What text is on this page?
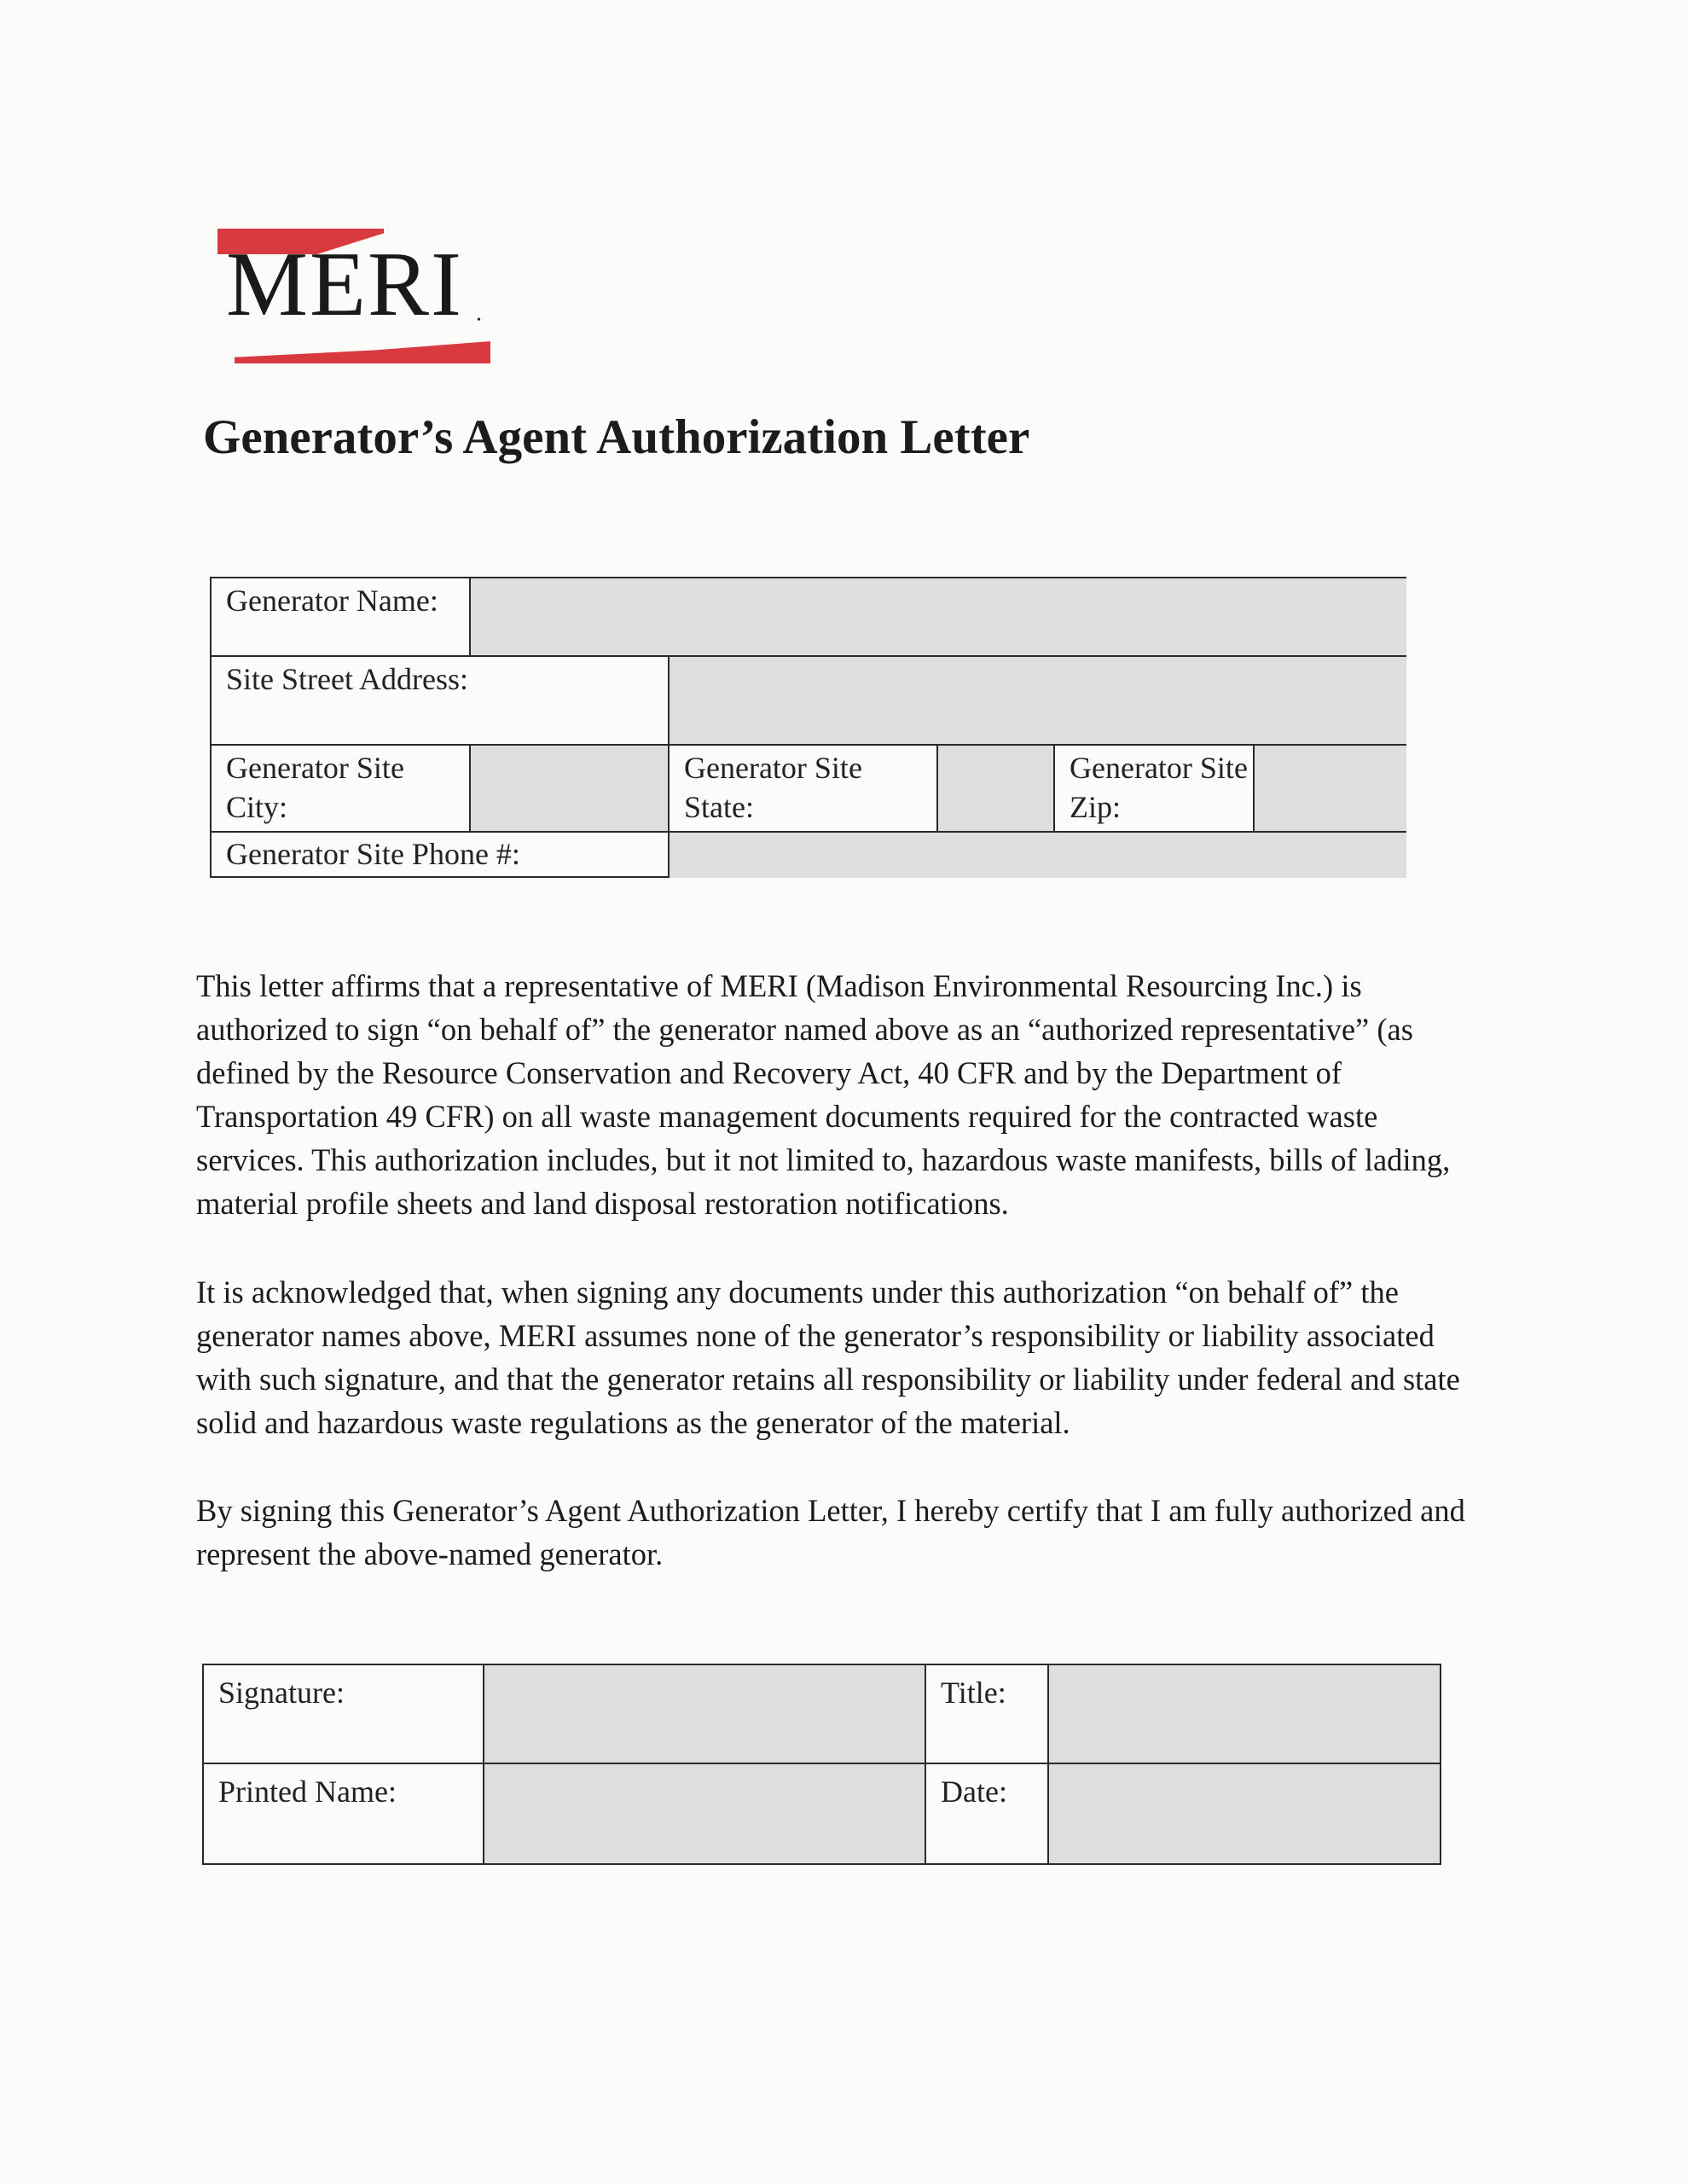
MERI •
Generator’s Agent Authorization Letter
Generator Name:
Site Street Address:
Generator Site City:
Generator Site State:
Generator Site Zip:
Generator Site Phone #:

This letter affirms that a representative of MERI (Madison Environmental Resourcing Inc.) is authorized to sign “on behalf of” the generator named above as an “authorized representative” (as defined by the Resource Conservation and Recovery Act, 40 CFR and by the Department of Transportation 49 CFR) on all waste management documents required for the contracted waste services. This authorization includes, but it not limited to, hazardous waste manifests, bills of lading, material profile sheets and land disposal restoration notifications.

It is acknowledged that, when signing any documents under this authorization “on behalf of” the generator names above, MERI assumes none of the generator’s responsibility or liability associated with such signature, and that the generator retains all responsibility or liability under federal and state solid and hazardous waste regulations as the generator of the material.

By signing this Generator’s Agent Authorization Letter, I hereby certify that I am fully authorized and represent the above-named generator.

Signature:	Title:
Printed Name:	Date:
